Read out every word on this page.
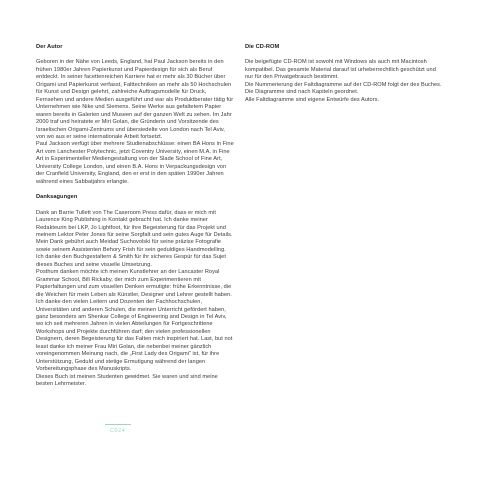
Der Autor

Geboren in der Nähe von Leeds, England, hat Paul Jackson bereits in den frühen 1980er Jahren Papierkunst und Papierdesign für sich als Beruf entdeckt. In seiner facettenreichen Karriere hat er mehr als 30 Bücher über Origami und Papierkunst verfasst, Falttechniken an mehr als 50 Hochschulen für Kunst und Design gelehrt, zahlreiche Auftragsmodelle für Druck, Fernsehen und andere Medien ausgeführt und war als Produktberater tätig für Unternehmen wie Nike und Siemens. Seine Werke aus gefaltetem Papier waren bereits in Galerien und Museen auf der ganzen Welt zu sehen. Im Jahr 2000 traf und heiratete er Miri Golan, die Gründerin und Vorsitzende des Israelischen Origami-Zentrums und übersiedelte von London nach Tel Aviv, von wo aus er seine internationale Arbeit fortsetzt.

Paul Jackson verfügt über mehrere Studienabschlüsse: einen BA Hons in Fine Art vom Lanchester Polytechnic, jetzt Coventry University, einen M.A. in Fine Art in Experimenteller Mediengestaltung von der Slade School of Fine Art, University College London, und einen B.A. Hons in Verpackungsdesign von der Cranfield University, England, den er erst in den späten 1990er Jahren während eines Sabbatjahrs erlangte.

Danksagungen

Dank an Barrie Tullett von The Caseroom Press dafür, dass er mich mit Laurence King Publishing in Kontakt gebracht hat. Ich danke meiner Redakteurin bei LKP, Jo Lightfoot, für ihre Begeisterung für das Projekt und meinem Lektor Peter Jones für seine Sorgfalt und sein gutes Auge für Details. Mein Dank gebührt auch Meidad Suchovolski für seine präzise Fotografie sowie seinem Assistenten Behory Frish für sein geduldiges Handmodelling. Ich danke den Buchgestaltern & Smith für ihr sicheres Gespür für das Sujet dieses Buches und seine visuelle Umsetzung.

Posthum danken möchte ich meinen Kunstlehrer an der Lancaster Royal Grammar School, Bill Rickaby, der mich zum Experimentieren mit Papierfaltungen und zum visuellen Denken ermutigte: frühe Erkenntnisse, die die Weichen für mein Leben als Künstler, Designer und Lehrer gestellt haben. Ich danke den vielen Leitern und Dozenten der Fachhochschulen, Universitäten und anderen Schulen, die meinen Unterricht gefördert haben, ganz besonders am Shenkar College of Engineering and Design in Tel Aviv, wo ich seit mehreren Jahren in vielen Abteilungen für Fortgeschrittene Workshops und Projekte durchführen darf; den vielen professionellen Designern, deren Begeisterung für das Falten mich inspiriert hat. Last, but not least danke ich meiner Frau Miri Golan, die nebenbei meiner gänzlich voreingenommen Meinung nach, die „First Lady des Origami“ ist, für ihre Unterstützung, Geduld und stetige Ermutigung während der langen Vorbereitungsphase des Manuskripts.

Dieses Buch ist meinen Studenten gewidmet. Sie waren und sind meine besten Lehrmeister.

Die CD-ROM

Die beigefügte CD-ROM ist sowohl mit Windows als auch mit Macintosh kompatibel. Das gesamte Material darauf ist urheberrechtlich geschützt und nur für den Privatgebrauch bestimmt.

Die Nummerierung der Faltdiagramme auf der CD-ROM folgt der des Buches. Die Diagramme sind nach Kapiteln geordnet.

Alle Faltdiagramme sind eigene Entwürfe des Autors.

C024
